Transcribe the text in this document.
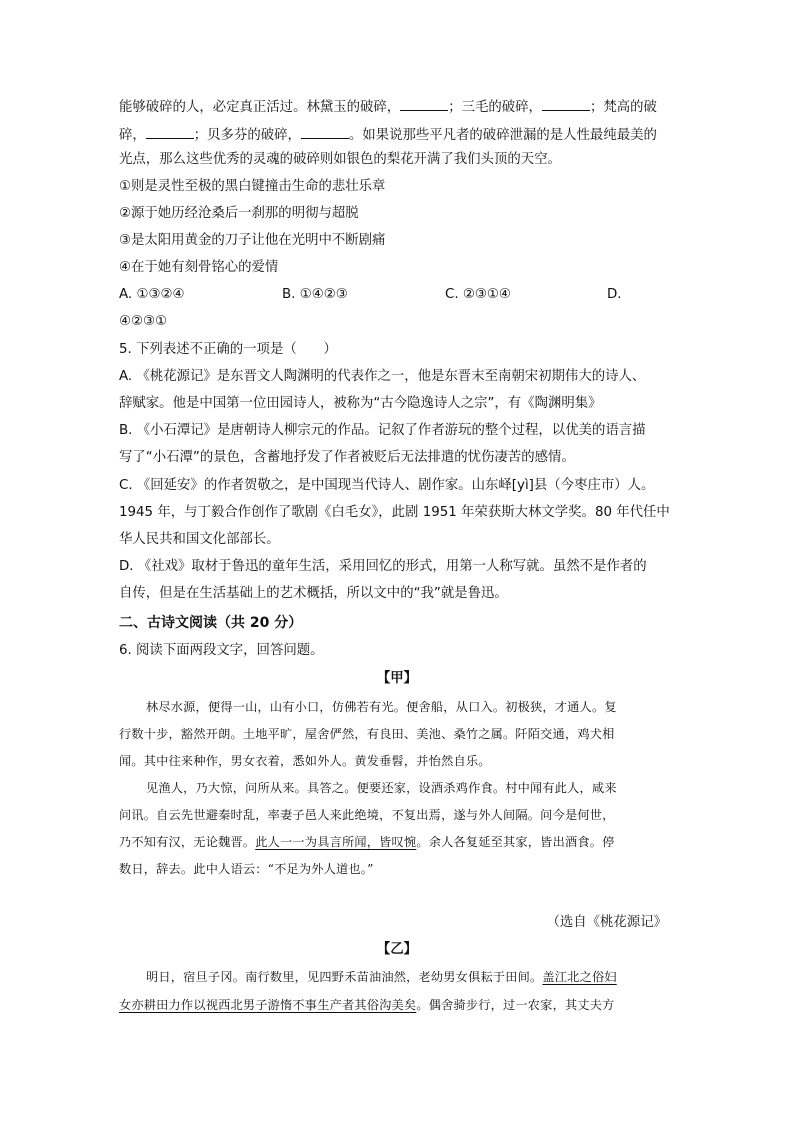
能够破碎的人，必定真正活过。林黛玉的破碎，	；三毛的破碎，	；梵高的破
碎，	；贝多芬的破碎，	。如果说那些平凡者的破碎泄漏的是人性最纯最美的
光点，那么这些优秀的灵魂的破碎则如银色的梨花开满了我们头顶的天空。
①则是灵性至极的黑白键撞击生命的悲壮乐章
②源于她历经沧桑后一刹那的明彻与超脱
③是太阳用黄金的刀子让他在光明中不断剧痛
④在于她有刻骨铭心的爱情
A. ①③②④	B. ①④②③	C. ②③①④	D.
④②③①
5. 下列表述不正确的一项是（　　）
A. 《桃花源记》是东晋文人陶渊明的代表作之一，他是东晋末至南朝宋初期伟大的诗人、
辞赋家。他是中国第一位田园诗人，被称为“古今隐逸诗人之宗”，有《陶渊明集》
B. 《小石潭记》是唐朝诗人柳宗元的作品。记叙了作者游玩的整个过程，以优美的语言描
写了“小石潭”的景色，含蓄地抒发了作者被贬后无法排遣的忧伤凄苦的感情。
C. 《回延安》的作者贺敬之，是中国现当代诗人、剧作家。山东峄[yì]县（今枣庄市）人。
1945 年，与丁毅合作创作了歌剧《白毛女》，此剧 1951 年荣获斯大林文学奖。80 年代任中
华人民共和国文化部部长。
D. 《社戏》取材于鲁迅的童年生活，采用回忆的形式，用第一人称写就。虽然不是作者的
自传，但是在生活基础上的艺术概括，所以文中的“我”就是鲁迅。
二、古诗文阅读（共 20 分）
6. 阅读下面两段文字，回答问题。
【甲】
林尽水源，便得一山，山有小口，仿佛若有光。便舍船，从口入。初极狭，才通人。复
行数十步，豁然开朗。土地平旷，屋舍俨然，有良田、美池、桑竹之属。阡陌交通，鸡犬相
闻。其中往来种作，男女衣着，悉如外人。黄发垂髫，并怡然自乐。
见渔人，乃大惊，问所从来。具答之。便要还家，设酒杀鸡作食。村中闻有此人，咸来
问讯。自云先世避秦时乱，率妻子邑人来此绝境，不复出焉，遂与外人间隔。问今是何世，
乃不知有汉，无论魏晋。此人一一为具言所闻，皆叹惋。余人各复延至其家，皆出酒食。停
数日，辞去。此中人语云：“不足为外人道也。”
（选自《桃花源记》
【乙】
明日，宿旦子冈。南行数里，见四野禾苗油油然，老幼男女俱耘于田间。盖江北之俗妇
女亦耕田力作以视西北男子游惰不事生产者其俗沟美矣。偶舍骑步行，过一农家，其丈夫方
